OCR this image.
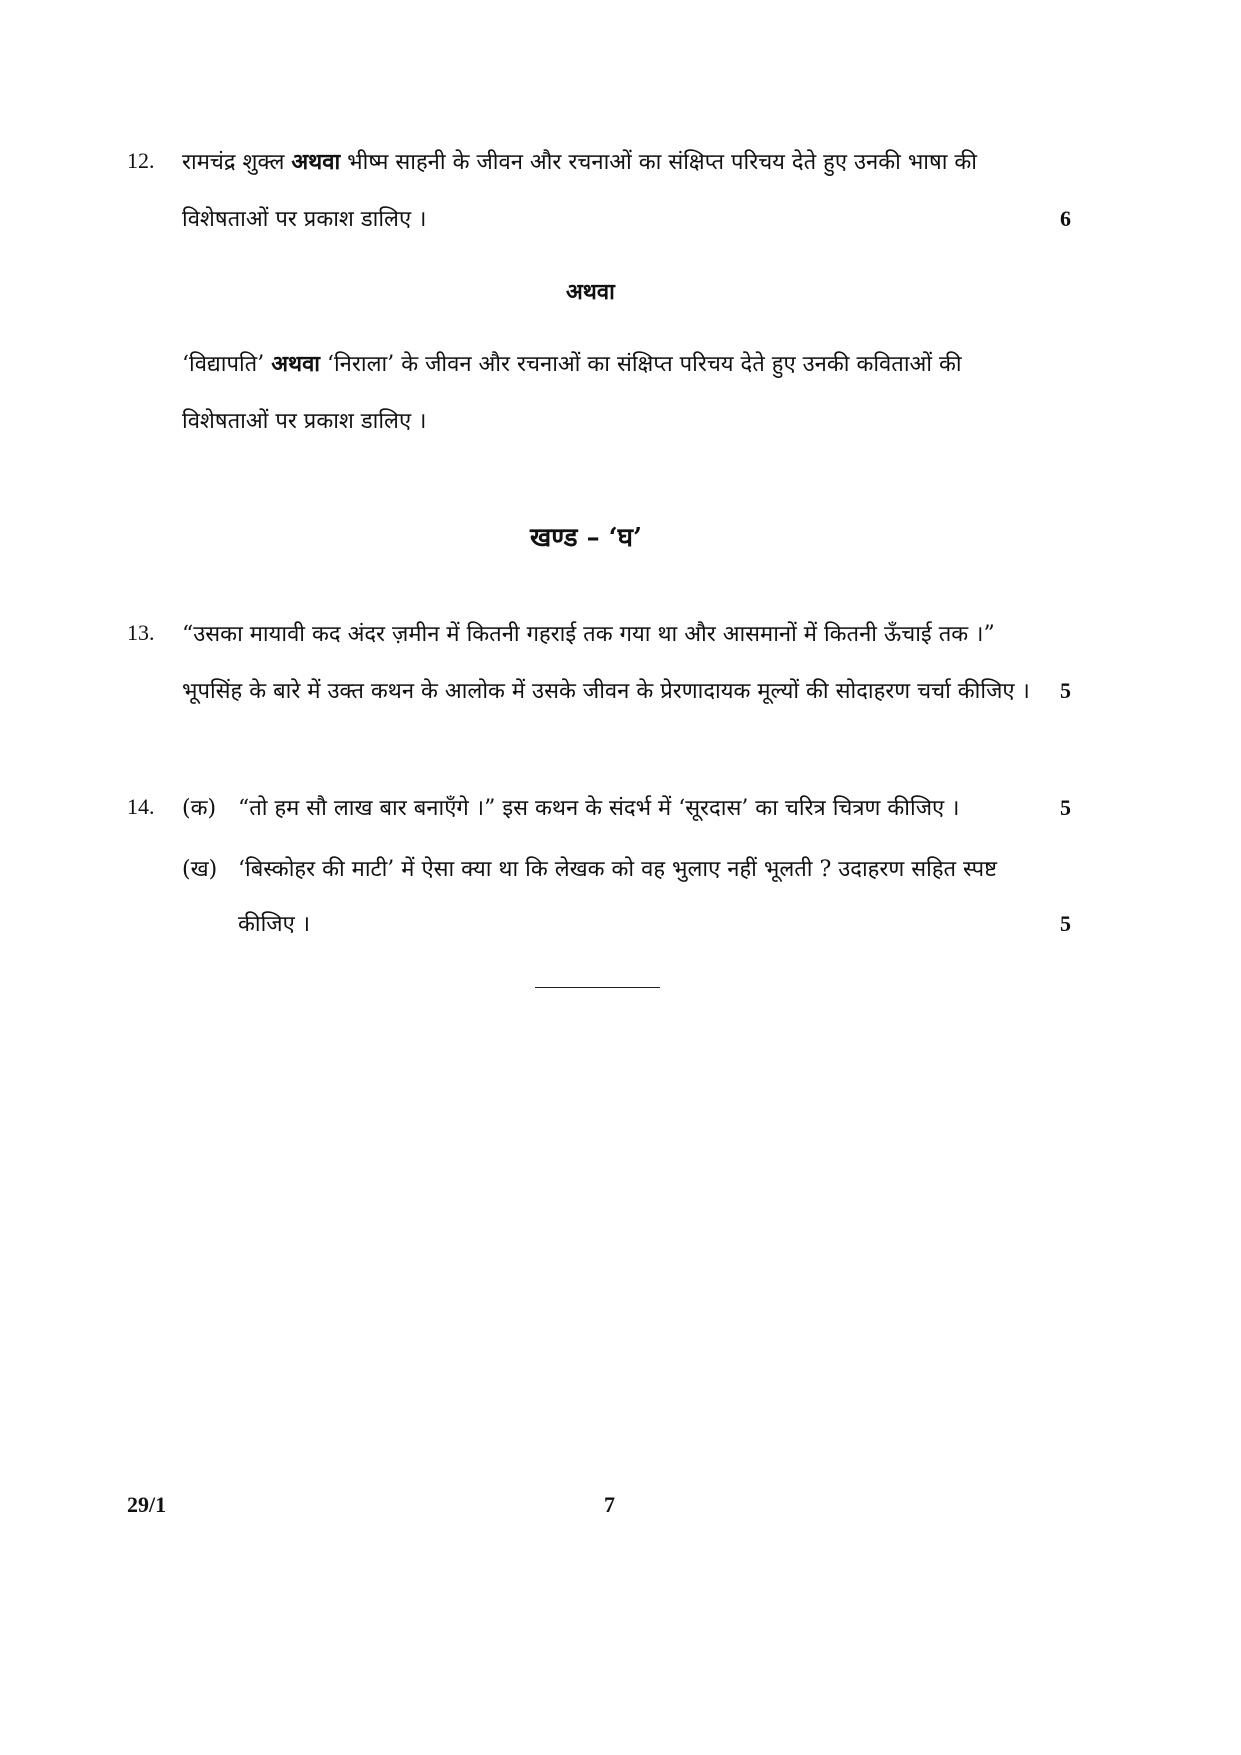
12. रामचंद्र शुक्ल अथवा भीष्म साहनी के जीवन और रचनाओं का संक्षिप्त परिचय देते हुए उनकी भाषा की
विशेषताओं पर प्रकाश डालिए ।	6
अथवा
‘विद्यापति’ अथवा ‘निराला’ के जीवन और रचनाओं का संक्षिप्त परिचय देते हुए उनकी कविताओं की
विशेषताओं पर प्रकाश डालिए ।
खण्ड – ‘घ’
13. “उसका मायावी कद अंदर ज़मीन में कितनी गहराई तक गया था और आसमानों में कितनी ऊँचाई तक ।”
भूपसिंह के बारे में उक्त कथन के आलोक में उसके जीवन के प्रेरणादायक मूल्यों की सोदाहरण चर्चा कीजिए । 5
14. (क) “तो हम सौ लाख बार बनाएँगे ।” इस कथन के संदर्भ में ‘सूरदास’ का चरित्र चित्रण कीजिए ।	5
(ख) ‘बिस्कोहर की माटी’ में ऐसा क्या था कि लेखक को वह भुलाए नहीं भूलती ? उदाहरण सहित स्पष्ट
कीजिए ।	5
29/1	7
